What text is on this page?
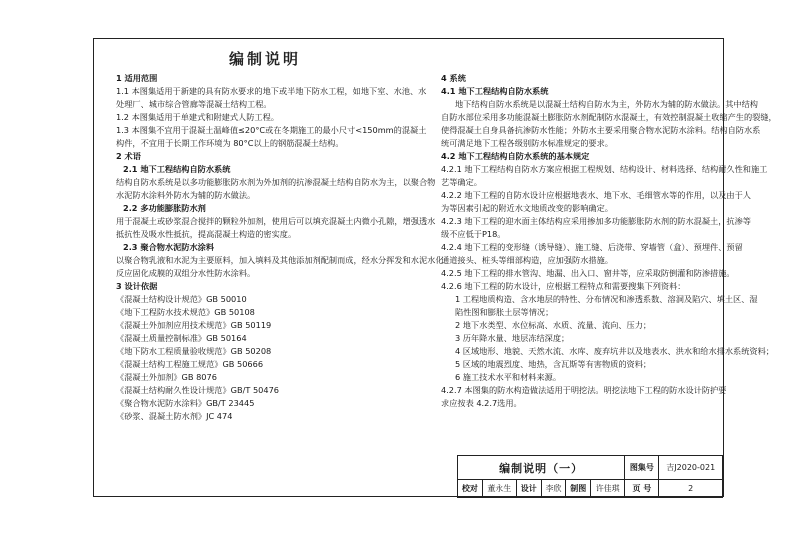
编制说明
1 适用范围
1.1 本图集适用于新建的具有防水要求的地下或半地下防水工程，如地下室、水池、水
处理厂、城市综合管廊等混凝土结构工程。
1.2 本图集适用于单建式和附建式人防工程。
1.3 本图集不宜用于混凝土温峰值≤20°C或在冬期施工的最小尺寸<150mm的混凝土
构件，不宜用于长期工作环境为 80°C以上的钢筋混凝土结构。
2 术语
2.1 地下工程结构自防水系统
结构自防水系统是以多功能膨胀防水剂为外加剂的抗渗混凝土结构自防水为主，以聚合物
水泥防水涂料外防水为辅的防水做法。
2.2 多功能膨胀防水剂
用于混凝土或砂浆混合搅拌的颗粒外加剂，使用后可以填充混凝土内微小孔隙，增强透水
抵抗性及吸水性抵抗，提高混凝土构造的密实度。
2.3 聚合物水泥防水涂料
以聚合物乳液和水泥为主要原料，加入填料及其他添加剂配制而成，经水分挥发和水泥水化
反应固化成膜的双组分水性防水涂料。
3 设计依据
《混凝土结构设计规范》GB 50010
《地下工程防水技术规范》GB 50108
《混凝土外加剂应用技术规范》GB 50119
《混凝土质量控制标准》GB 50164
《地下防水工程质量验收规范》GB 50208
《混凝土结构工程施工规范》GB 50666
《混凝土外加剂》GB 8076
《混凝土结构耐久性设计规范》GB/T 50476
《聚合物水泥防水涂料》GB/T 23445
《砂浆、混凝土防水剂》JC 474
4 系统
4.1 地下工程结构自防水系统
地下结构自防水系统是以混凝土结构自防水为主，外防水为辅的防水做法。其中结构
自防水部位采用多功能混凝土膨胀防水剂配制防水混凝土，有效控制混凝土收缩产生的裂缝，
使得混凝土自身具备抗渗防水性能；外防水主要采用聚合物水泥防水涂料。结构自防水系
统可满足地下工程各级别防水标准规定的要求。
4.2 地下工程结构自防水系统的基本规定
4.2.1 地下工程结构自防水方案应根据工程规划、结构设计、材料选择、结构耐久性和施工
艺等确定。
4.2.2 地下工程的自防水设计应根据地表水、地下水、毛细管水等的作用，以及由于人
为等因素引起的附近水文地质改变的影响确定。
4.2.3 地下工程的迎水面主体结构应采用掺加多功能膨胀防水剂的防水混凝土，抗渗等
级不应低于P18。
4.2.4 地下工程的变形缝（诱导缝）、施工缝、后浇带、穿墙管（盒）、预埋件、预留
通道接头、桩头等细部构造，应加强防水措施。
4.2.5 地下工程的排水管沟、地漏、出入口、窗井等，应采取防倒灌和防渗措施。
4.2.6 地下工程的防水设计，应根据工程特点和需要搜集下列资料：
1 工程地质构造、含水地层的特性、分布情况和渗透系数、溶洞及陷穴、填土区、湿
陷性图和膨胀土层等情况；
2 地下水类型、水位标高、水质、流量、流向、压力；
3 历年降水量、地层冻结深度；
4 区域地形、地貌、天然水流、水库、废弃坑井以及地表水、洪水和给水排水系统资料；
5 区域的地震烈度、地热，含瓦斯等有害物质的资料；
6 施工技术水平和材料来源。
4.2.7 本图集的防水构造做法适用于明挖法。明挖法地下工程的防水设计防护要
求应按表 4.2.7选用。
编制说明（一）						图集号	吉J2020-021
校对	董永生	设计	李欣	制图	许佳琪	页 号	2
